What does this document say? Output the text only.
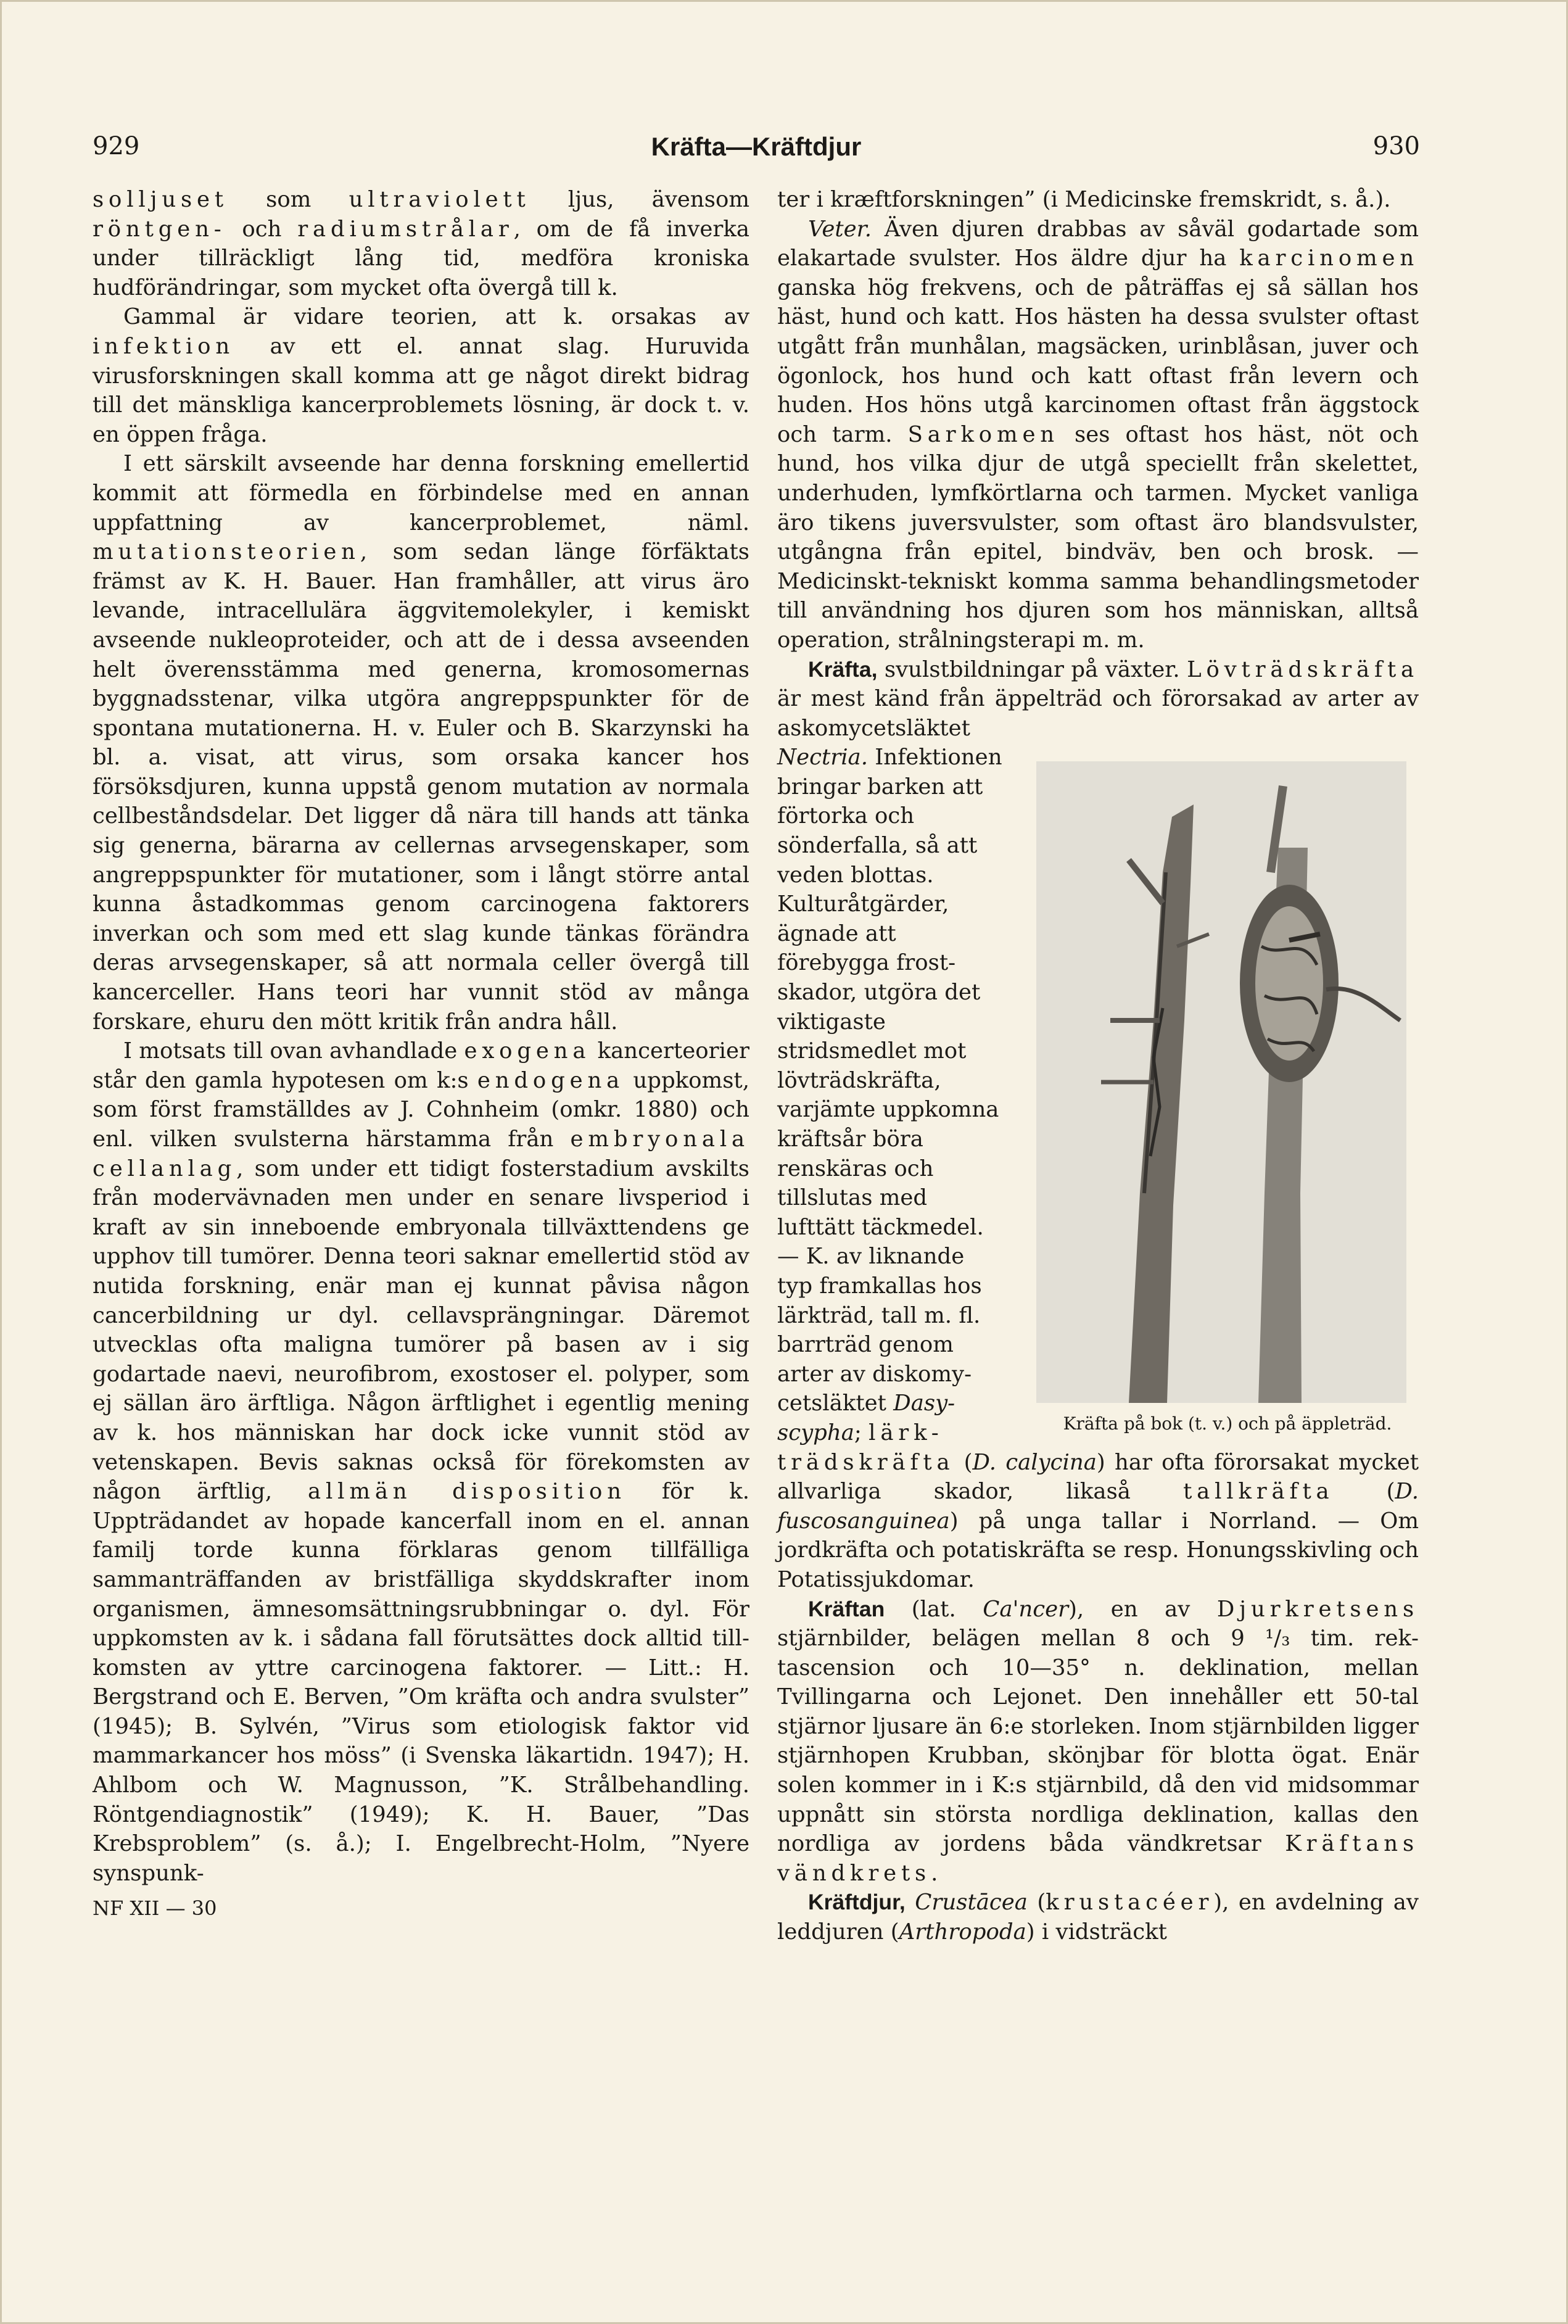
929	Kräfta—Kräftdjur	930

solljuset som ultraviolett ljus, ävensom röntgen- och radiumstrålar, om de få inverka under tillräckligt lång tid, medföra kroniska hudförändringar, som mycket ofta övergå till k.

Gammal är vidare teorien, att k. orsakas av infektion av ett el. annat slag. Huruvida virusforskningen skall komma att ge något direkt bidrag till det mänskliga kancerproblemets lösning, är dock t. v. en öppen fråga.

I ett särskilt avseende har denna forskning emellertid kommit att förmedla en förbindelse med en annan uppfattning av kancerproblemet, näml. mutationsteorien, som sedan länge förfäktats främst av K. H. Bauer. Han framhåller, att virus äro levande, intracellulära äggvitemolekyler, i kemiskt avseende nukleoproteider, och att de i dessa avseenden helt överensstämma med generna, kromosomernas byggnadsstenar, vilka utgöra angreppspunkter för de spontana mutationerna. H. v. Euler och B. Skarzynski ha bl. a. visat, att virus, som orsaka kancer hos försöksdjuren, kunna uppstå genom mutation av normala cellbeståndsdelar. Det ligger då nära till hands att tänka sig generna, bärarna av cellernas arvsegenskaper, som angreppspunkter för mutationer, som i långt större antal kunna åstadkommas genom carcinogena faktorers inverkan och som med ett slag kunde tänkas förändra deras arvsegenskaper, så att normala celler övergå till kancerceller. Hans teori har vunnit stöd av många forskare, ehuru den mött kritik från andra håll.

I motsats till ovan avhandlade exogena kancerteorier står den gamla hypotesen om k:s endogena uppkomst, som först framställdes av J. Cohnheim (omkr. 1880) och enl. vilken svulsterna härstamma från embryonala cellanlag, som under ett tidigt fosterstadium avskilts från modervävnaden men under en senare livsperiod i kraft av sin inneboende embryonala tillväxttendens ge upphov till tumörer. Denna teori saknar emellertid stöd av nutida forskning, enär man ej kunnat påvisa någon cancerbildning ur dyl. cellavsprängningar. Däremot utvecklas ofta maligna tumörer på basen av i sig godartade naevi, neurofibrom, exostoser el. polyper, som ej sällan äro ärftliga. Någon ärftlighet i egentlig mening av k. hos människan har dock icke vunnit stöd av vetenskapen. Bevis saknas också för förekomsten av någon ärftlig, allmän disposition för k. Uppträdandet av hopade kancerfall inom en el. annan familj torde kunna förklaras genom tillfälliga sammanträffanden av bristfälliga skyddskrafter inom organismen, ämnesomsättningsrubbningar o. dyl. För uppkomsten av k. i sådana fall förutsättes dock alltid tillkomsten av yttre carcinogena faktorer. — Litt.: H. Bergstrand och E. Berven, ”Om kräfta och andra svulster” (1945); B. Sylvén, ”Virus som etiologisk faktor vid mammarkancer hos möss” (i Svenska läkartidn. 1947); H. Ahlbom och W. Magnusson, ”K. Strålbehandling. Röntgendiagnostik” (1949); K. H. Bauer, ”Das Krebsproblem” (s. å.); I. Engelbrecht-Holm, ”Nyere synspunk-

NF XII — 30

ter i kræftforskningen” (i Medicinske fremskridt, s. å.).

Veter. Även djuren drabbas av såväl godartade som elakartade svulster. Hos äldre djur ha karcinomen ganska hög frekvens, och de påträffas ej så sällan hos häst, hund och katt. Hos hästen ha dessa svulster oftast utgått från munhålan, magsäcken, urinblåsan, juver och ögonlock, hos hund och katt oftast från levern och huden. Hos höns utgå karcinomen oftast från äggstock och tarm. Sarkomen ses oftast hos häst, nöt och hund, hos vilka djur de utgå speciellt från skelettet, underhuden, lymfkörtlarna och tarmen. Mycket vanliga äro tikens juversvulster, som oftast äro blandsvulster, utgångna från epitel, bindväv, ben och brosk. — Medicinskt-tekniskt komma samma behandlingsmetoder till användning hos djuren som hos människan, alltså operation, strålningsterapi m. m.

Kräfta, svulstbildningar på växter. Lövträdskräfta är mest känd från äppelträd och förorsakad av arter av askomycetsläktet

Kräfta på bok (t. v.) och på äppleträd.

Nectria. Infektionen bringar barken att förtorka och sönderfalla, så att veden blottas. Kulturåtgärder, ägnade att förebygga frostskador, utgöra det viktigaste stridsmedlet mot lövträdskräfta, varjämte uppkomna kräftsår böra renskäras och tillslutas med lufttätt täckmedel. — K. av liknande typ framkallas hos lärkträd, tall m. fl. barrträd genom arter av diskomycetsläktet Dasyscypha; lärk-

trädskräfta (D. calycina) har ofta förorsakat mycket allvarliga skador, likaså tallkräfta (D. fuscosanguinea) på unga tallar i Norrland. — Om jordkräfta och potatiskräfta se resp. Honungsskivling och Potatissjukdomar.

Kräftan (lat. Ca'ncer), en av Djurkretsens stjärnbilder, belägen mellan 8 och 9 ¹/₃ tim. rektascension och 10—35° n. deklination, mellan Tvillingarna och Lejonet. Den innehåller ett 50-tal stjärnor ljusare än 6:e storleken. Inom stjärnbilden ligger stjärnhopen Krubban, skönjbar för blotta ögat. Enär solen kommer in i K:s stjärnbild, då den vid midsommar uppnått sin största nordliga deklination, kallas den nordliga av jordens båda vändkretsar Kräftans vändkrets.

Kräftdjur, Crustācea (krustacéer), en avdelning av leddjuren (Arthropoda) i vidsträckt
